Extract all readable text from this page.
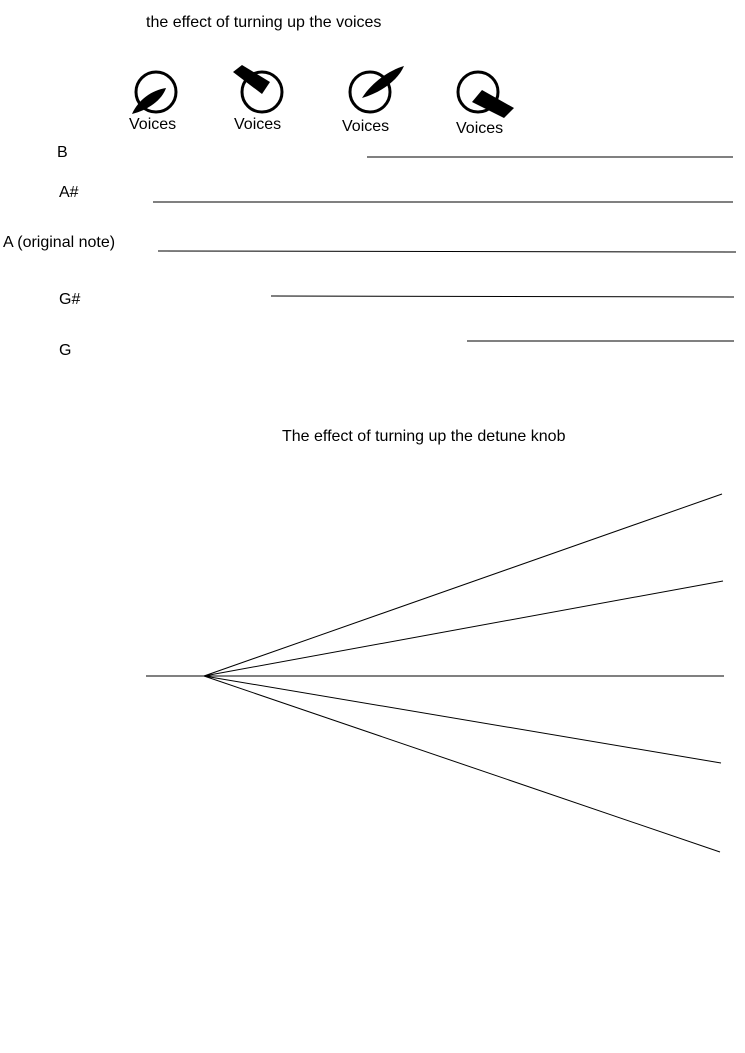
the effect of turning up the voices
Voices	Voices	Voices	Voices
B
A#
A (original note)
G#
G
The effect of turning up the detune knob
